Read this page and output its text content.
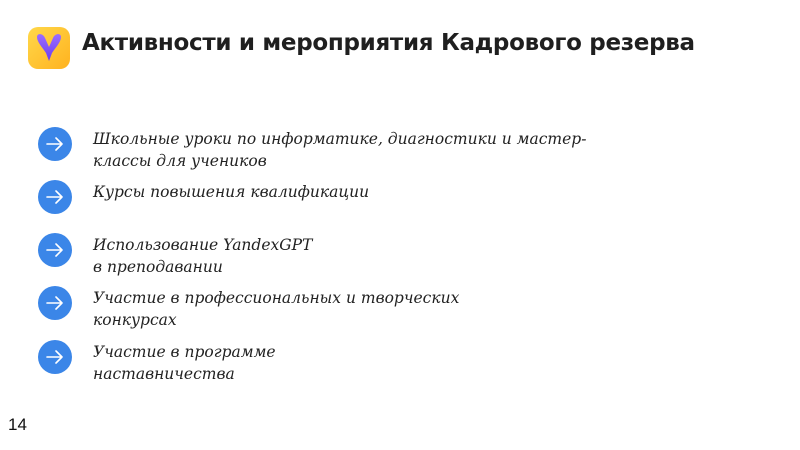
Активности и мероприятия Кадрового резерва
Школьные уроки по информатике, диагностики и мастер-
классы для учеников
Курсы повышения квалификации
Использование YandexGPT
в преподавании
Участие в профессиональных и творческих
конкурсах
Участие в программе
наставничества
14
